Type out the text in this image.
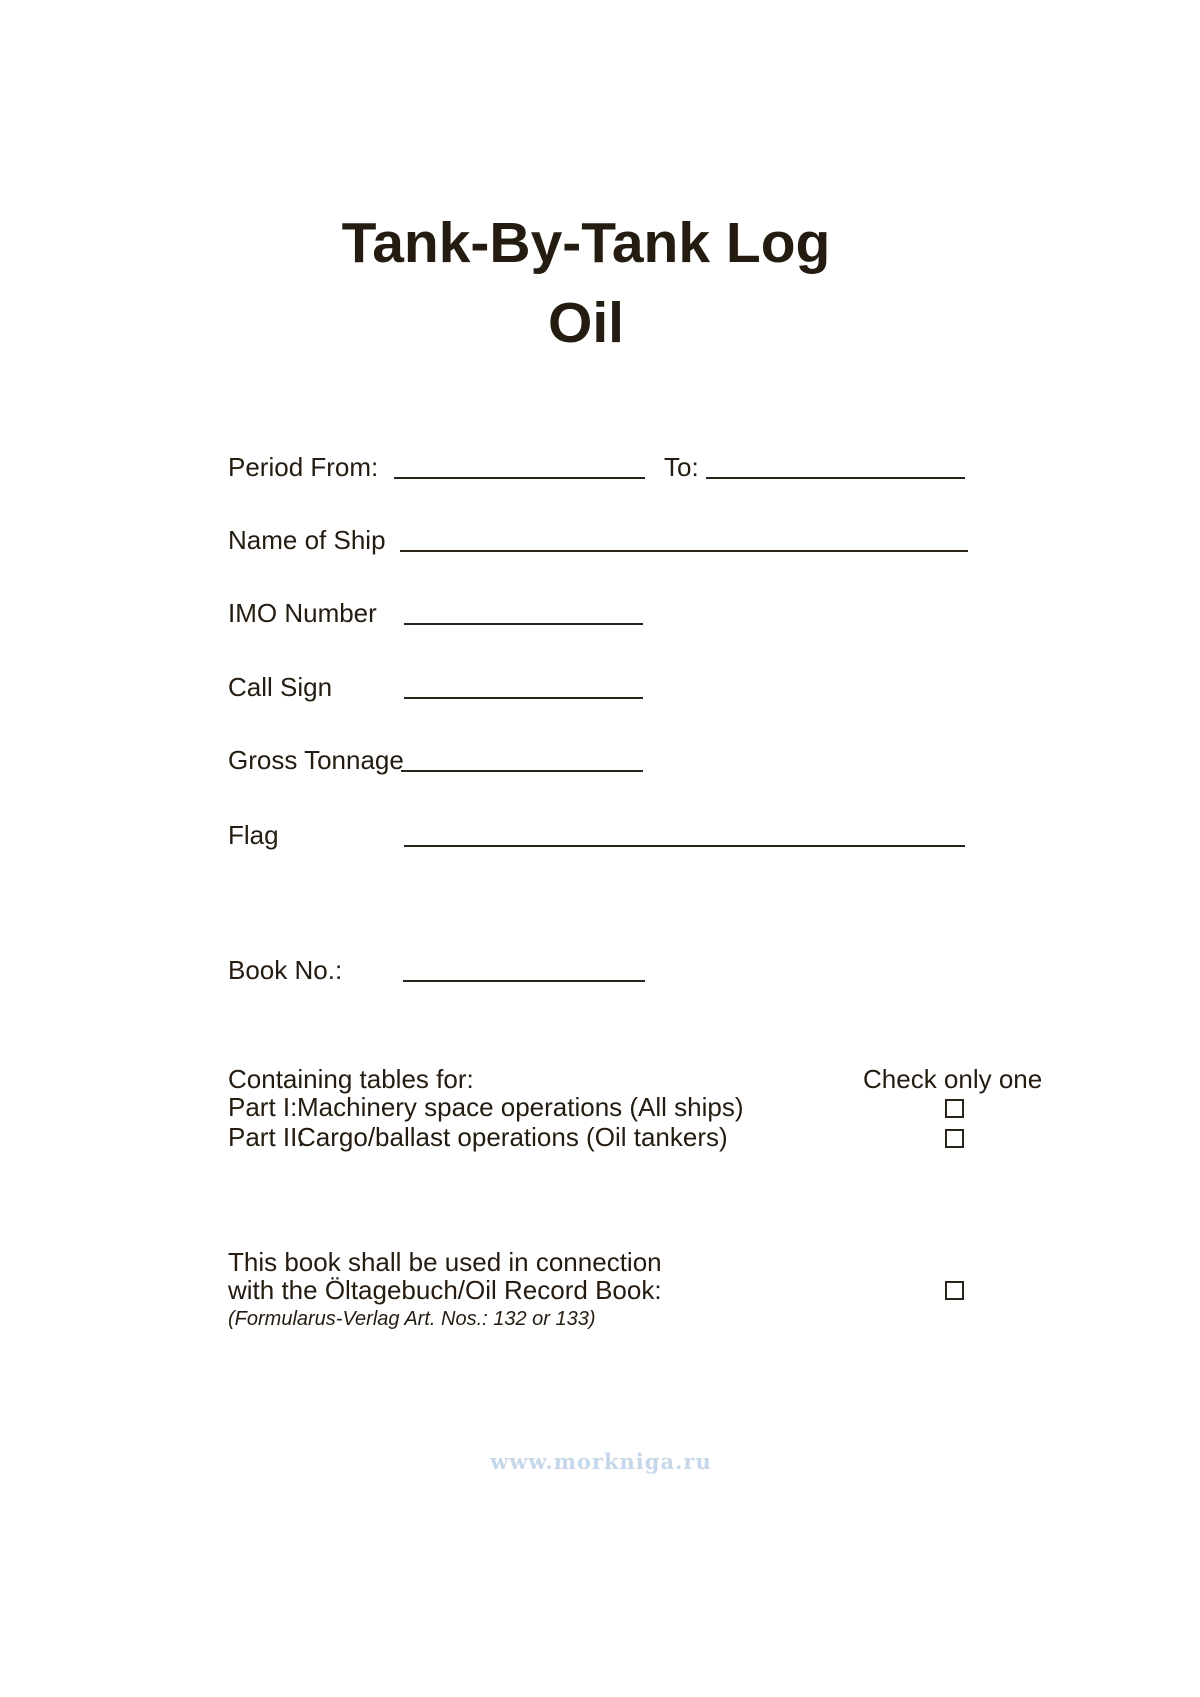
Tank-By-Tank Log
Oil
Period From:	To:
Name of Ship
IMO Number
Call Sign
Gross Tonnage
Flag
Book No.:
Containing tables for:	Check only one
Part I: Machinery space operations (All ships)
Part II:
Cargo/ballast operations (Oil tankers)
This book shall be used in connection
with the Öltagebuch/Oil Record Book:
(Formularus-Verlag Art. Nos.: 132 or 133)
www.morkniga.ru
